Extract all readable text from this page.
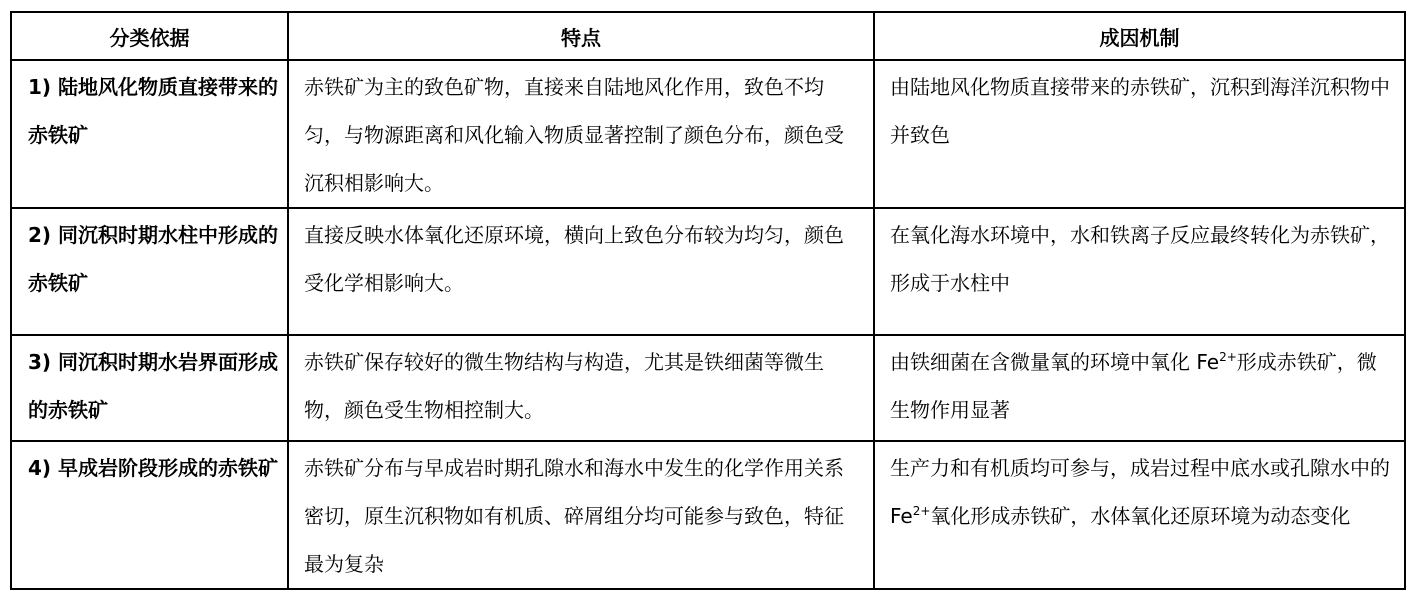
分类依据	特点	成因机制

1) 陆地风化物质直接带来的赤铁矿	赤铁矿为主的致色矿物，直接来自陆地风化作用，致色不均匀，与物源距离和风化输入物质显著控制了颜色分布，颜色受沉积相影响大。	由陆地风化物质直接带来的赤铁矿，沉积到海洋沉积物中并致色

2) 同沉积时期水柱中形成的赤铁矿	直接反映水体氧化还原环境，横向上致色分布较为均匀，颜色受化学相影响大。	在氧化海水环境中，水和铁离子反应最终转化为赤铁矿，形成于水柱中

3) 同沉积时期水岩界面形成的赤铁矿	赤铁矿保存较好的微生物结构与构造，尤其是铁细菌等微生物，颜色受生物相控制大。	由铁细菌在含微量氧的环境中氧化 $Fe^{2+}$形成赤铁矿，微生物作用显著

4) 早成岩阶段形成的赤铁矿	赤铁矿分布与早成岩时期孔隙水和海水中发生的化学作用关系密切，原生沉积物如有机质、碎屑组分均可能参与致色，特征最为复杂	生产力和有机质均可参与，成岩过程中底水或孔隙水中的 $Fe^{2+}$氧化形成赤铁矿，水体氧化还原环境为动态变化
